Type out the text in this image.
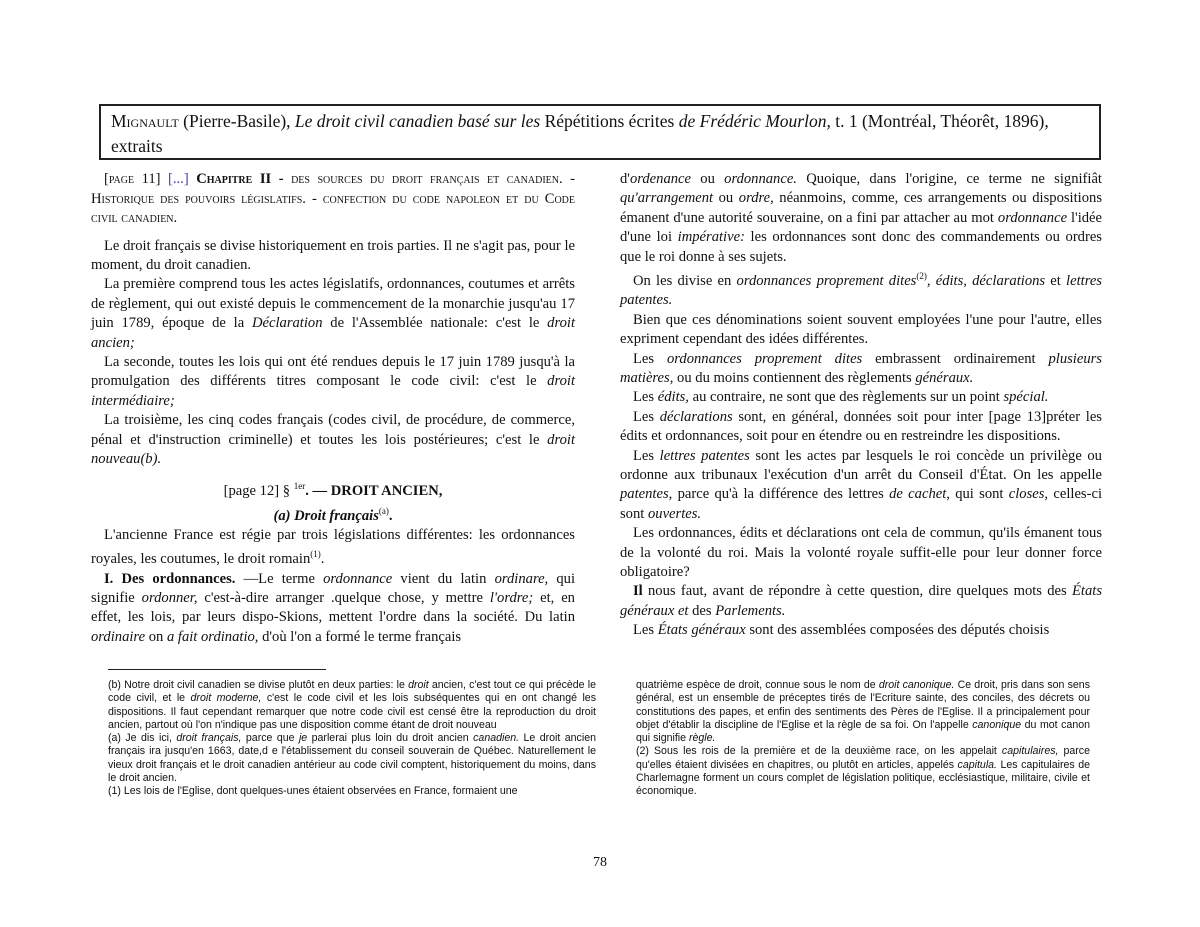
Mignault (Pierre-Basile), Le droit civil canadien basé sur les Répétitions écrites de Frédéric Mourlon, t. 1 (Montréal, Théorêt, 1896), extraits

[page 11] [...] Chapitre II - des sources du droit français et canadien. - Historique des pouvoirs législatifs. - confection du code napoleon et du Code civil canadien.

Le droit français se divise historiquement en trois parties. Il ne s'agit pas, pour le moment, du droit canadien.

La première comprend tous les actes législatifs, ordonnances, coutumes et arrêts de règlement, qui out existé depuis le commencement de la monarchie jusqu'au 17 juin 1789, époque de la Déclaration de l'Assemblée nationale: c'est le droit ancien;

La seconde, toutes les lois qui ont été rendues depuis le 17 juin 1789 jusqu'à la promulgation des différents titres composant le code civil: c'est le droit intermédiaire;

La troisième, les cinq codes français (codes civil, de procédure, de commerce, pénal et d'instruction criminelle) et toutes les lois postérieures; c'est le droit nouveau(b).

[page 12] § $^{1er}$. — DROIT ANCIEN,

(a) Droit français$^{(a)}$.

L'ancienne France est régie par trois législations différentes: les ordonnances royales, les coutumes, le droit romain$^{(1)}$.

I. Des ordonnances. —Le terme ordonnance vient du latin ordinare, qui signifie ordonner, c'est-à-dire arranger .quelque chose, y mettre l'ordre; et, en effet, les lois, par leurs dispo-Skions, mettent l'ordre dans la société. Du latin ordinaire on a fait ordinatio, d'où l'on a formé le terme français

d'ordenance ou ordonnance. Quoique, dans l'origine, ce terme ne signifiât qu'arrangement ou ordre, néanmoins, comme, ces arrangements ou dispositions émanent d'une autorité souveraine, on a fini par attacher au mot ordonnance l'idée d'une loi impérative: les ordonnances sont donc des commandements ou ordres que le roi donne à ses sujets.

On les divise en ordonnances proprement dites$^{(2)}$, édits, déclarations et lettres patentes.

Bien que ces dénominations soient souvent employées l'une pour l'autre, elles expriment cependant des idées différentes.

Les ordonnances proprement dites embrassent ordinairement plusieurs matières, ou du moins contiennent des règlements généraux.

Les édits, au contraire, ne sont que des règlements sur un point spécial.

Les déclarations sont, en général, données soit pour inter [page 13]préter les édits et ordonnances, soit pour en étendre ou en restreindre les dispositions.

Les lettres patentes sont les actes par lesquels le roi concède un privilège ou ordonne aux tribunaux l'exécution d'un arrêt du Conseil d'État. On les appelle patentes, parce qu'à la différence des lettres de cachet, qui sont closes, celles-ci sont ouvertes.

Les ordonnances, édits et déclarations ont cela de commun, qu'ils émanent tous de la volonté du roi. Mais la volonté royale suffit-elle pour leur donner force obligatoire?

Il nous faut, avant de répondre à cette question, dire quelques mots des États généraux et des Parlements.

Les États généraux sont des assemblées composées des députés choisis

(b) Notre droit civil canadien se divise plutôt en deux parties: le droit ancien, c'est tout ce qui précède le code civil, et le droit moderne, c'est le code civil et les lois subséquentes qui en ont changé les dispositions. Il faut cependant remarquer que notre code civil est censé être la reproduction du droit ancien, partout où l'on n'indique pas une disposition comme étant de droit nouveau

(a) Je dis ici, droit français, parce que je parlerai plus loin du droit ancien canadien. Le droit ancien français ira jusqu'en 1663, date,d e l'établissement du conseil souverain de Québec. Naturellement le vieux droit français et le droit canadien antérieur au code civil comptent, historiquement du moins, dans le droit ancien.

(1) Les lois de l'Eglise, dont quelques-unes étaient observées en France, formaient une

quatrième espèce de droit, connue sous le nom de droit canonique. Ce droit, pris dans son sens général, est un ensemble de préceptes tirés de l'Ecriture sainte, des conciles, des décrets ou constitutions des papes, et enfin des sentiments des Pères de l'Eglise. Il a principalement pour objet d'établir la discipline de l'Eglise et la règle de sa foi. On l'appelle canonique du mot canon qui signifie règle.

(2) Sous les rois de la première et de la deuxième race, on les appelait capitulaires, parce qu'elles étaient divisées en chapitres, ou plutôt en articles, appelés capitula. Les capitulaires de Charlemagne forment un cours complet de législation politique, ecclésiastique, militaire, civile et économique.

78
